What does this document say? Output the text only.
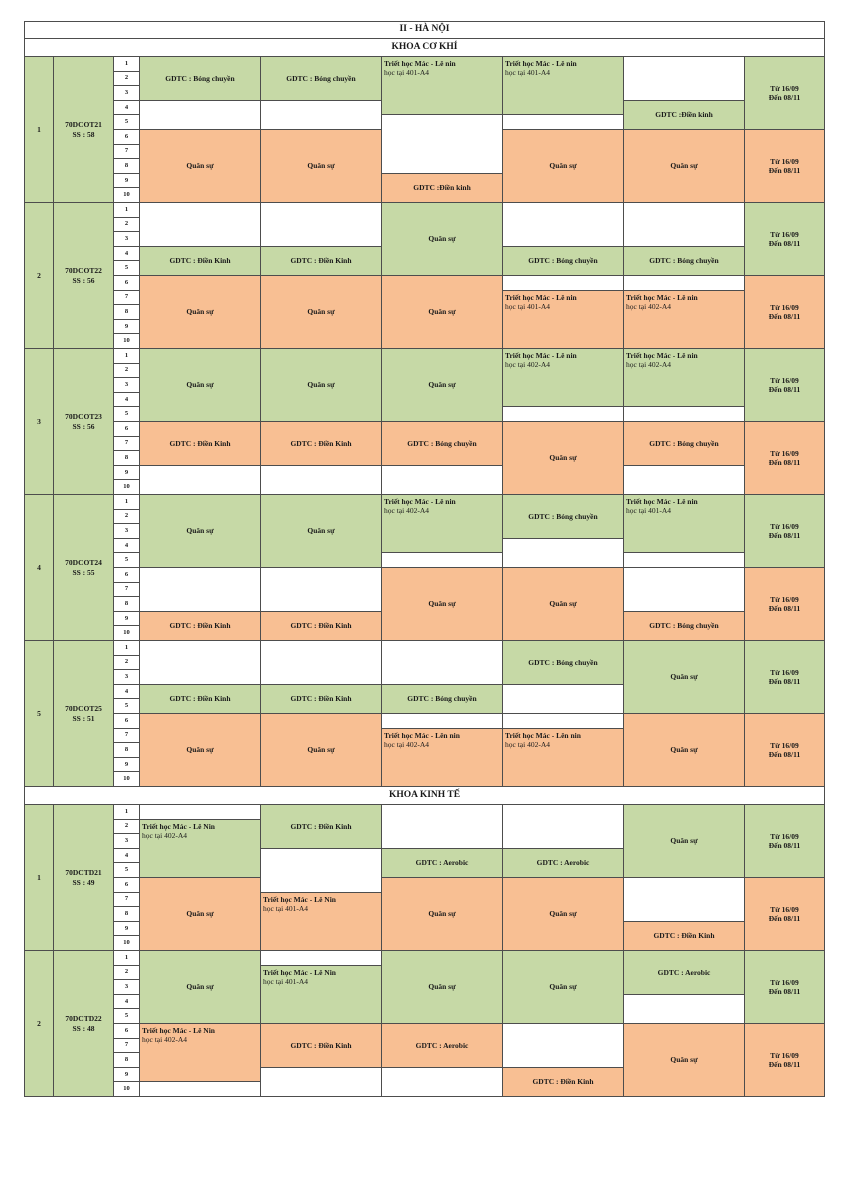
II - HÀ NỘI
KHOA CƠ KHÍ
1
70DCOT21
SS : 58
1
2
3
4
5
6
7
8
9
10
GDTC : Bóng chuyền
Quân sự
GDTC : Bóng chuyền
Quân sự
Triết học Mác - Lê nin
học tại 401-A4
GDTC :Điền kinh
Triết học Mác - Lê nin
học tại 401-A4
Quân sự
GDTC :Điền kinh
Quân sự
Từ 16/09
Đến 08/11
Từ 16/09
Đến 08/11
2
70DCOT22
SS : 56
1
2
3
4
5
6
7
8
9
10
GDTC : Điền Kinh
Quân sự
GDTC : Điền Kinh
Quân sự
Quân sự
Quân sự
GDTC : Bóng chuyền
Triết học Mác - Lê nin
học tại 401-A4
GDTC : Bóng chuyền
Triết học Mác - Lê nin
học tại 402-A4
Từ 16/09
Đến 08/11
Từ 16/09
Đến 08/11
3
70DCOT23
SS : 56
1
2
3
4
5
6
7
8
9
10
Quân sự
GDTC : Điền Kinh
Quân sự
GDTC : Điền Kinh
Quân sự
GDTC : Bóng chuyền
Triết học Mác - Lê nin
học tại 402-A4
Quân sự
Triết học Mác - Lê nin
học tại 402-A4
GDTC : Bóng chuyền
Từ 16/09
Đến 08/11
Từ 16/09
Đến 08/11
4
70DCOT24
SS : 55
1
2
3
4
5
6
7
8
9
10
Quân sự
GDTC : Điền Kinh
Quân sự
GDTC : Điền Kinh
Triết học Mác - Lê nin
học tại 402-A4
Quân sự
GDTC : Bóng chuyền
Quân sự
Triết học Mác - Lê nin
học tại 401-A4
GDTC : Bóng chuyền
Từ 16/09
Đến 08/11
Từ 16/09
Đến 08/11
5
70DCOT25
SS : 51
1
2
3
4
5
6
7
8
9
10
GDTC : Điền Kinh
Quân sự
GDTC : Điền Kinh
Quân sự
GDTC : Bóng chuyền
Triết học Mác - Lên nin
học tại 402-A4
GDTC : Bóng chuyền
Triết học Mác - Lên nin
học tại 402-A4
Quân sự
Quân sự
Từ 16/09
Đến 08/11
Từ 16/09
Đến 08/11
KHOA KINH TẾ
1
70DCTD21
SS : 49
1
2
3
4
5
6
7
8
9
10
Triết học Mác - Lê Nin
học tại 402-A4
Quân sự
GDTC : Điền Kinh
Triết học Mác - Lê Nin
học tại 401-A4
GDTC : Aerobic
Quân sự
GDTC : Aerobic
Quân sự
Quân sự
GDTC : Điền Kinh
Từ 16/09
Đến 08/11
Từ 16/09
Đến 08/11
2
70DCTD22
SS : 48
1
2
3
4
5
6
7
8
9
10
Quân sự
Triết học Mác - Lê Nin
học tại 402-A4
Triết học Mác - Lê Nin
học tại 401-A4
GDTC : Điền Kinh
Quân sự
GDTC : Aerobic
Quân sự
GDTC : Điền Kinh
GDTC : Aerobic
Quân sự
Từ 16/09
Đến 08/11
Từ 16/09
Đến 08/11
